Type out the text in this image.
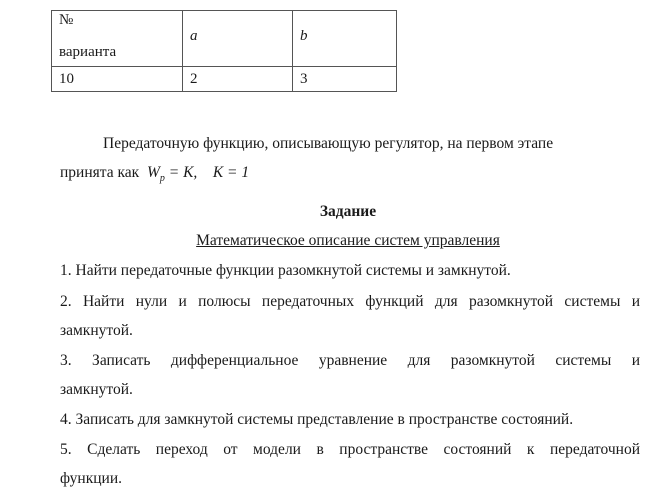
№
варианта	a	b

10	2	3
Передаточную функцию, описывающую регулятор, на первом этапе
принята как $W_p = K$, K = 1
Задание
Математическое описание систем управления
1. Найти передаточные функции разомкнутой системы и замкнутой.
2. Найти нули и полюсы передаточных функций для разомкнутой системы и
замкнутой.
3. Записать дифференциальное уравнение для разомкнутой системы и
замкнутой.
4. Записать для замкнутой системы представление в пространстве состояний.
5. Сделать переход от модели в пространстве состояний к передаточной
функции.
